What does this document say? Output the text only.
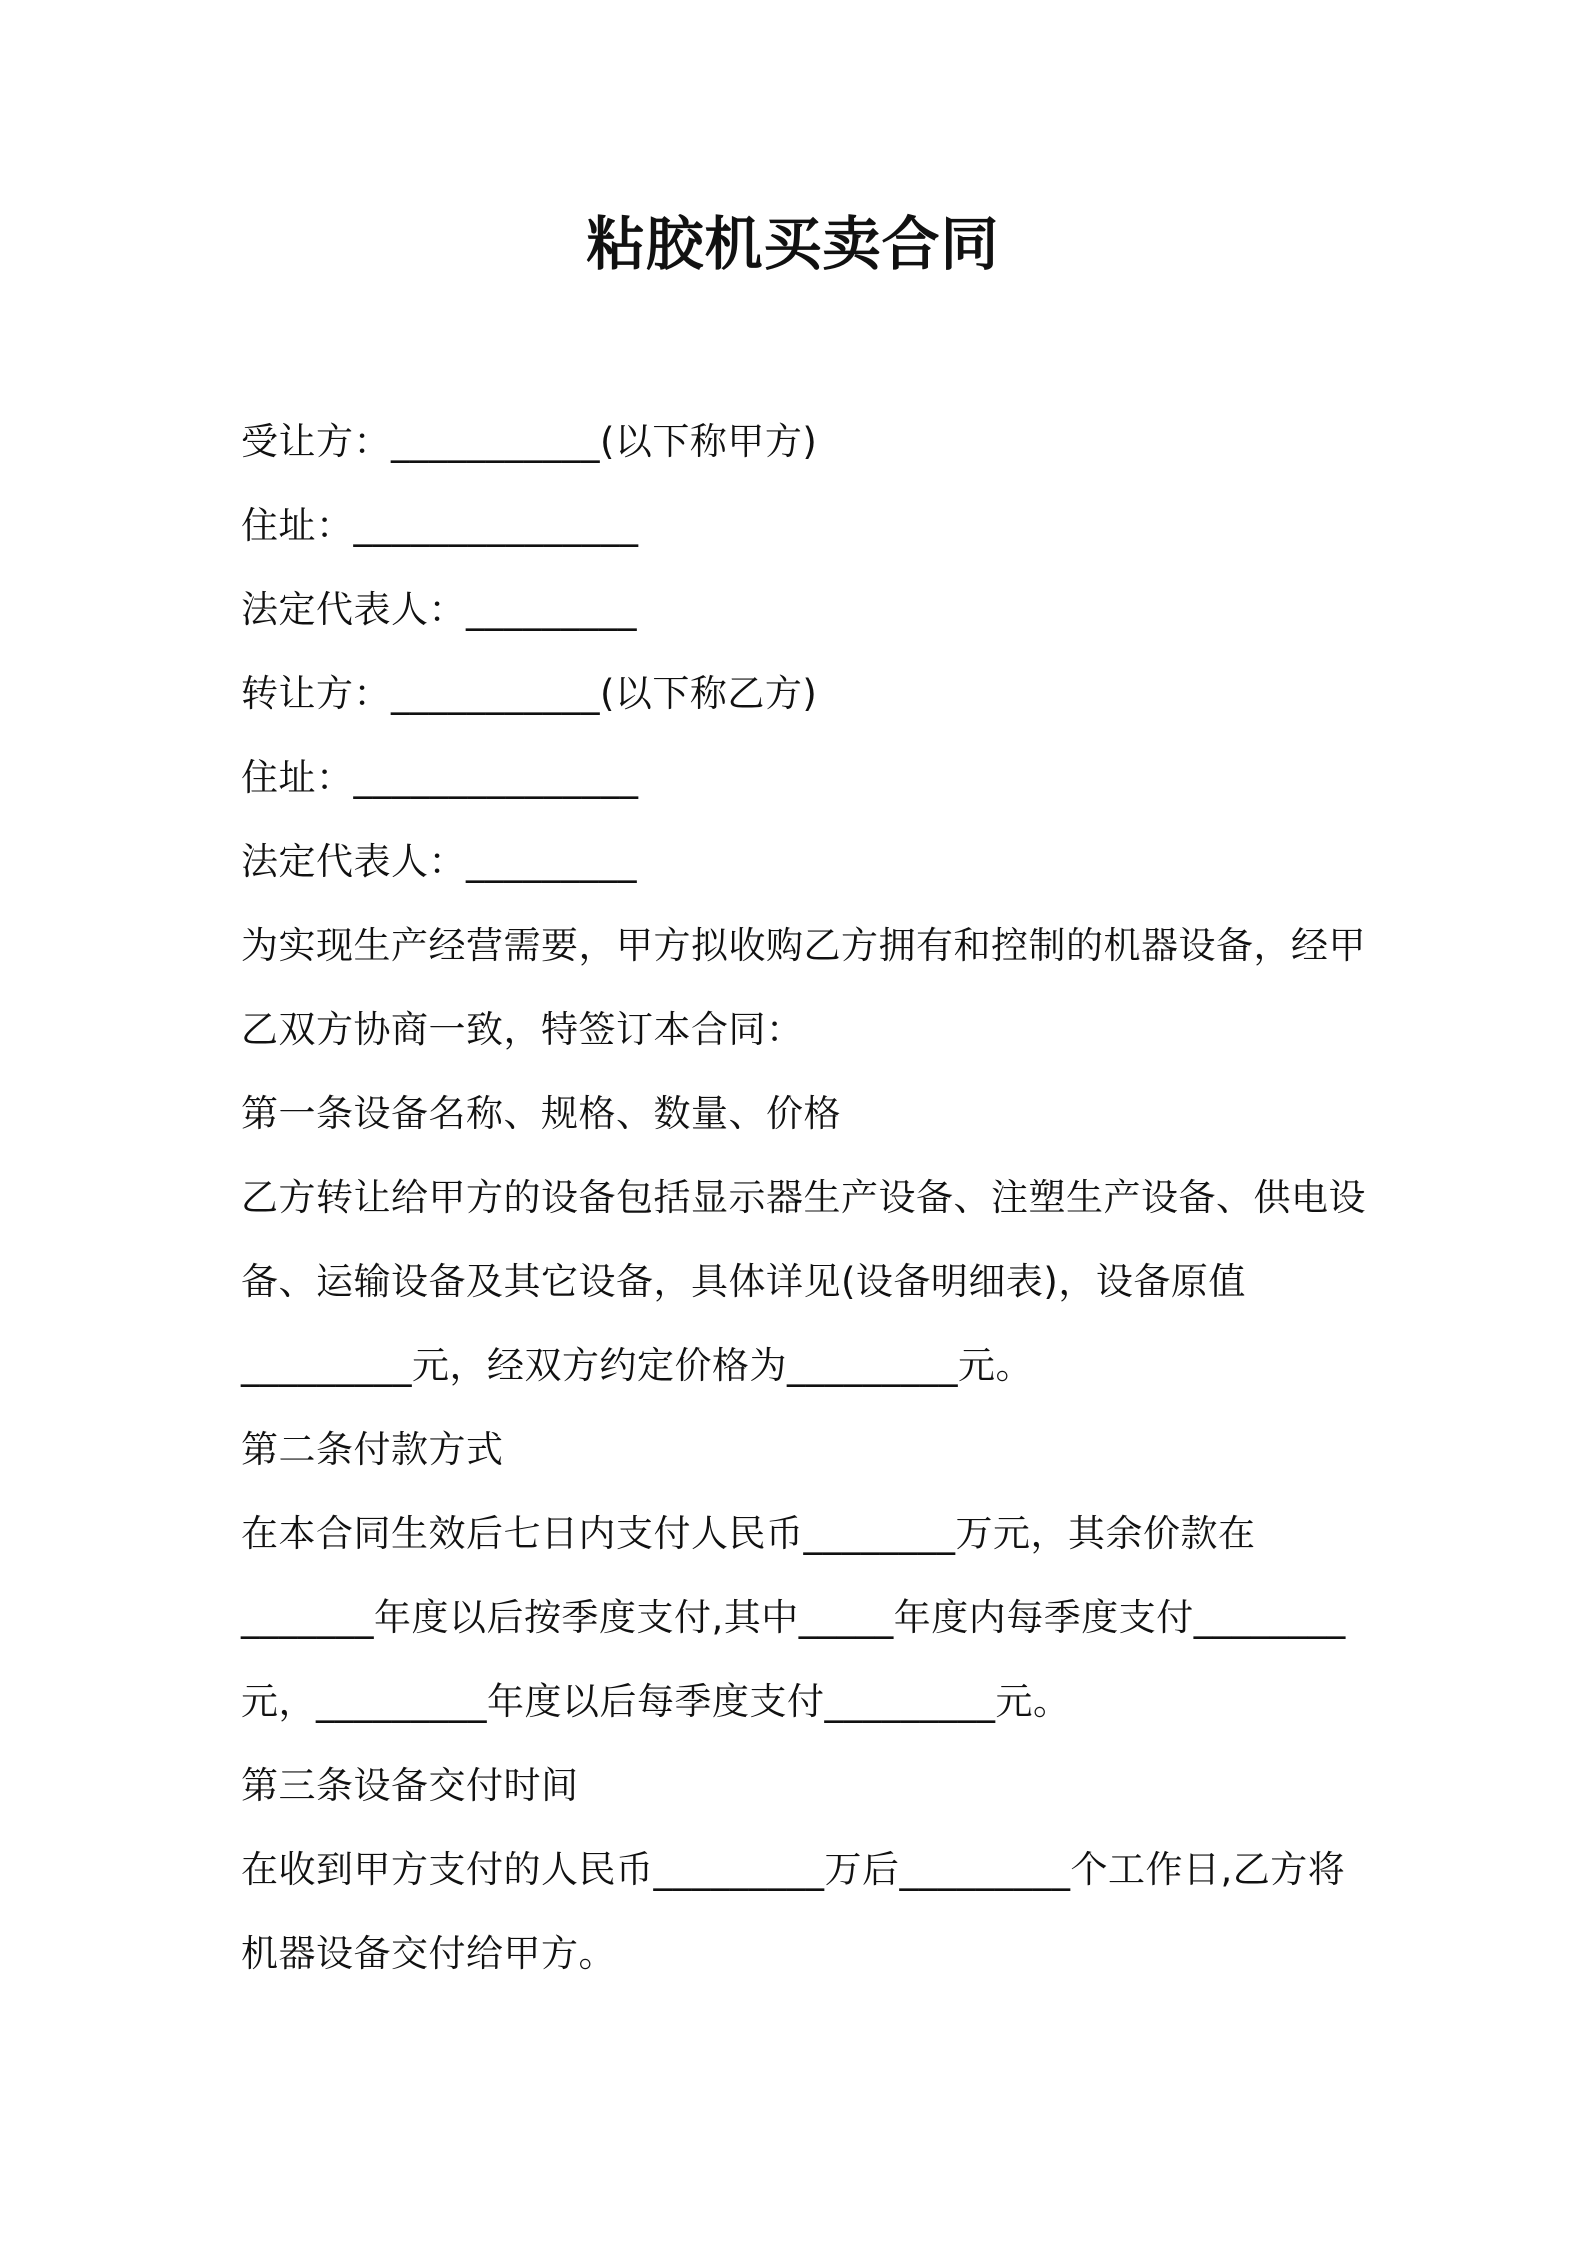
粘胶机买卖合同
受让方：___________(以下称甲方)
住址：_______________
法定代表人：_________
转让方：___________(以下称乙方)
住址：_______________
法定代表人：_________
为实现生产经营需要，甲方拟收购乙方拥有和控制的机器设备，经甲
乙双方协商一致，特签订本合同：
第一条设备名称、规格、数量、价格
乙方转让给甲方的设备包括显示器生产设备、注塑生产设备、供电设
备、运输设备及其它设备，具体详见(设备明细表)，设备原值
_________元，经双方约定价格为_________元。
第二条付款方式
在本合同生效后七日内支付人民币________万元，其余价款在
_______年度以后按季度支付,其中_____年度内每季度支付________
元，_________年度以后每季度支付_________元。
第三条设备交付时间
在收到甲方支付的人民币_________万后_________个工作日,乙方将
机器设备交付给甲方。
